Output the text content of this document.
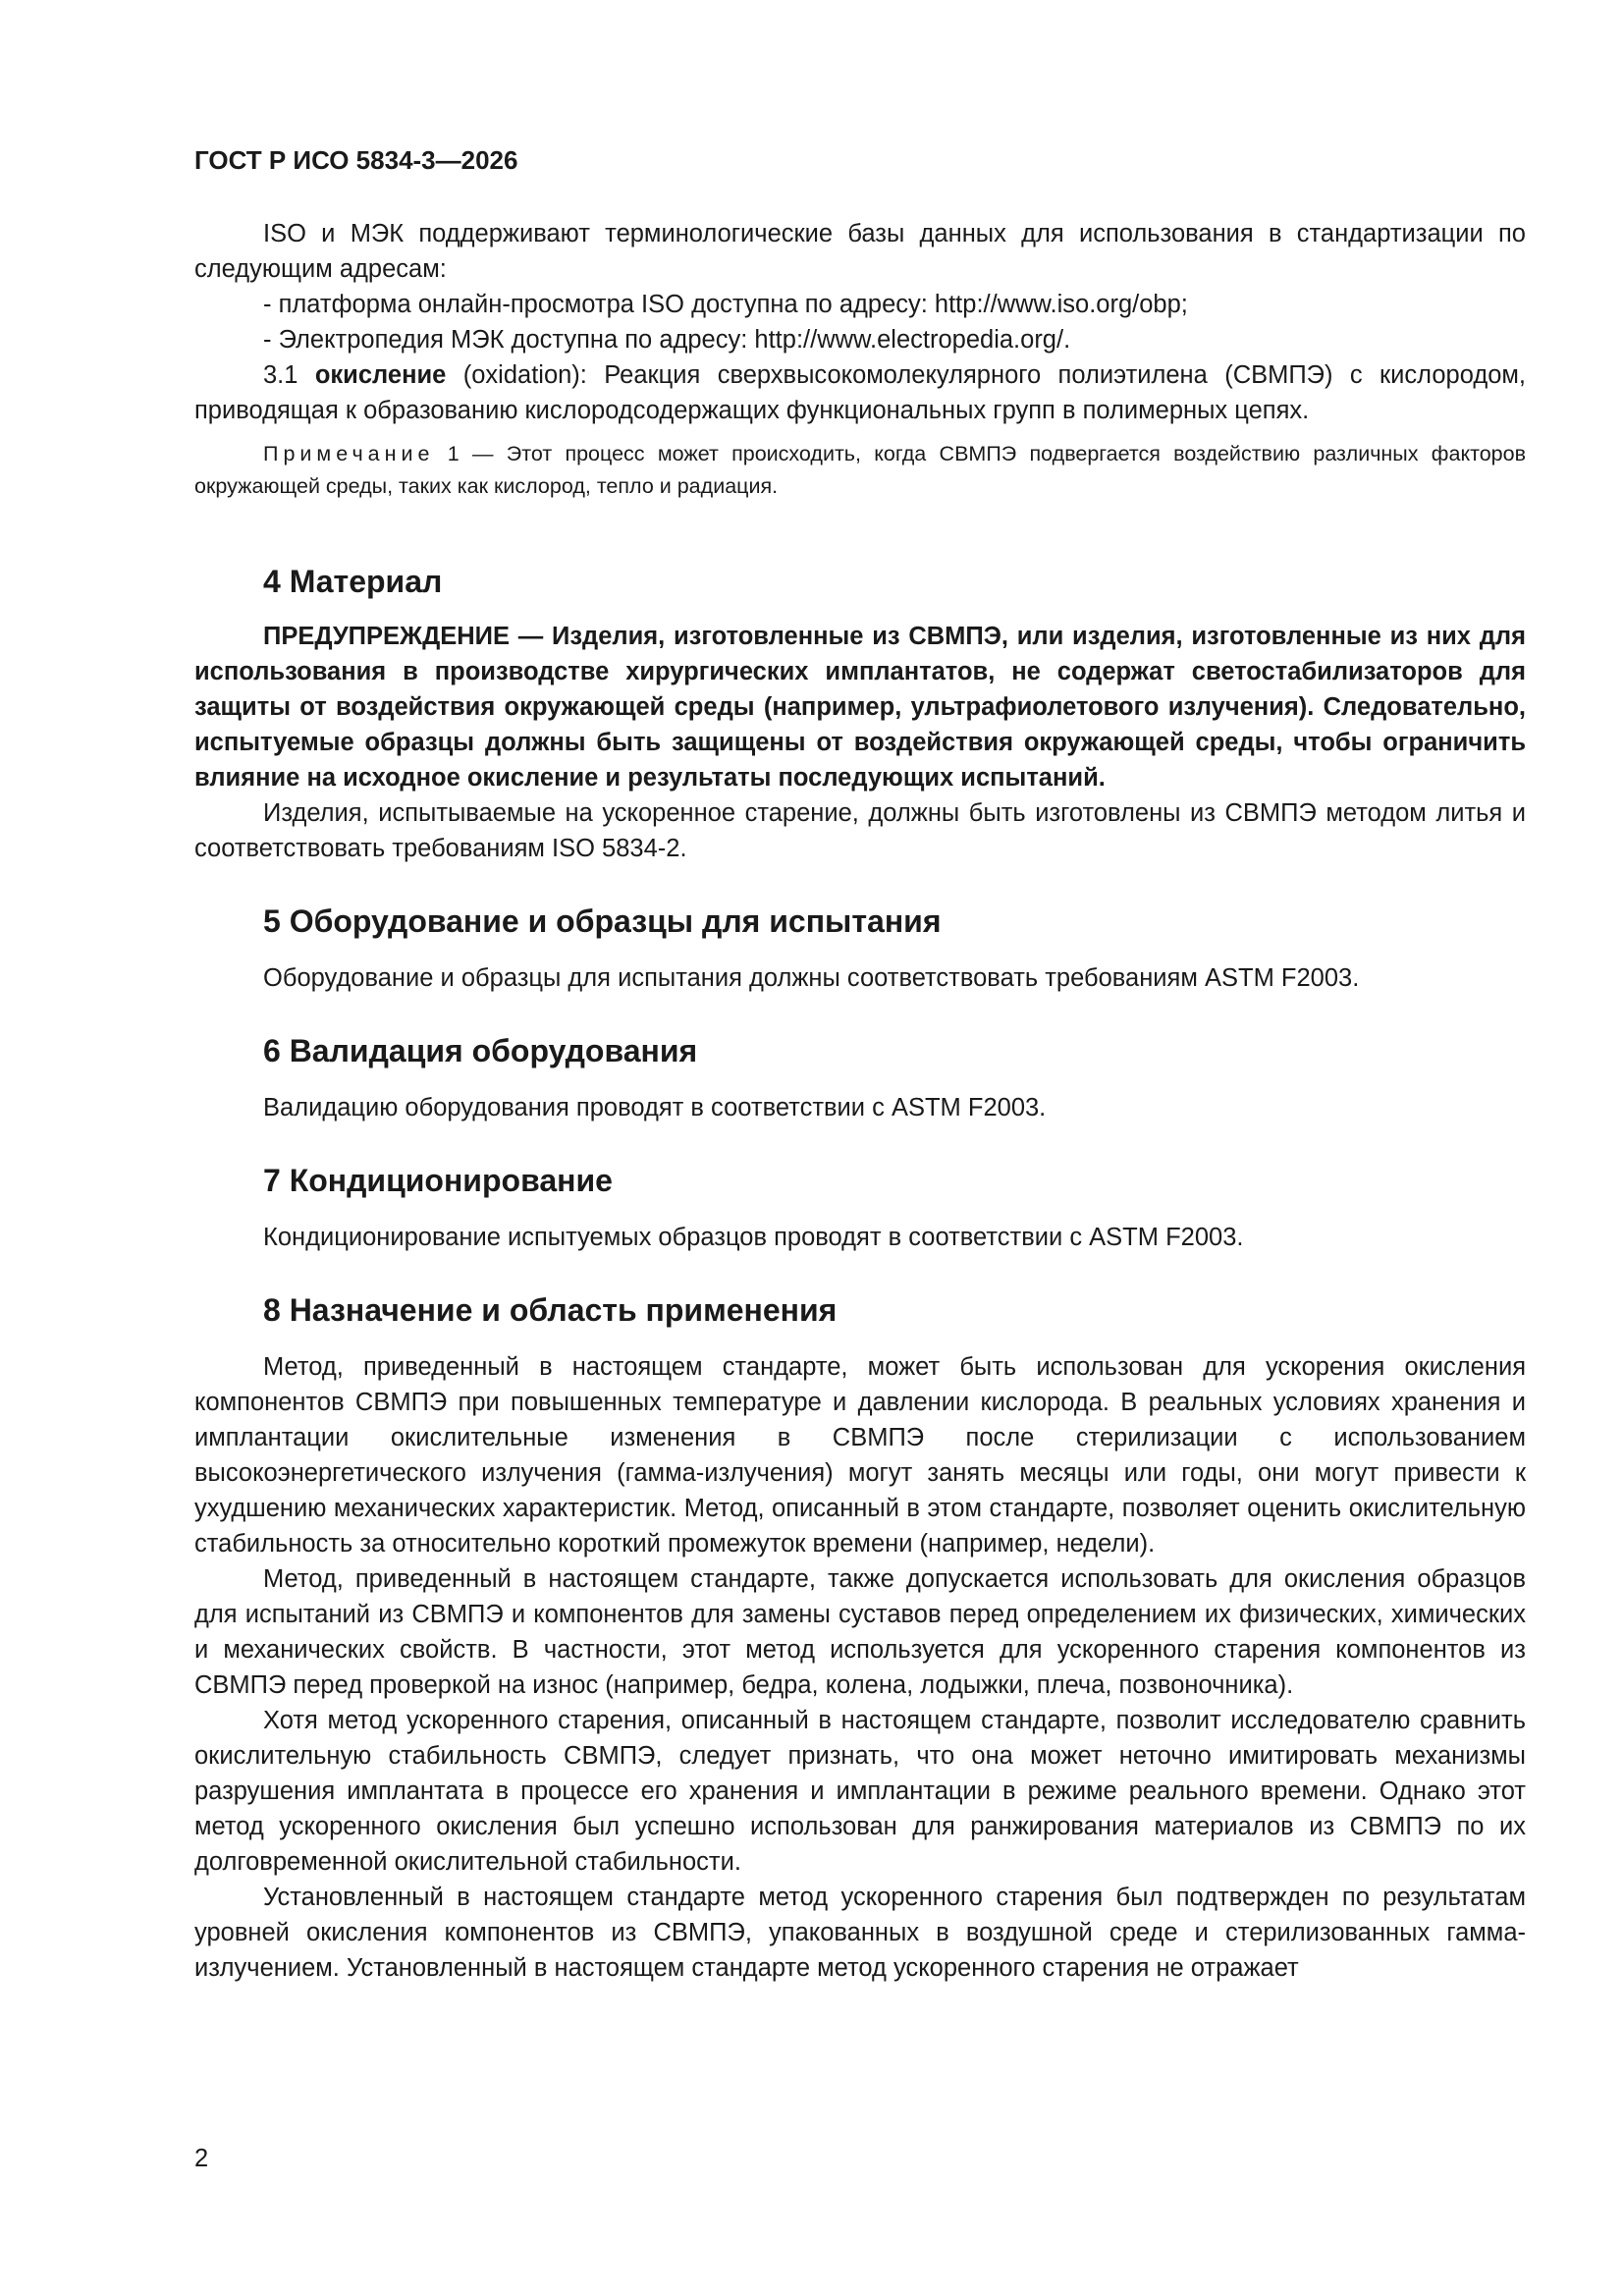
ГОСТ Р ИСО 5834-3—2026

ISO и МЭК поддерживают терминологические базы данных для использования в стандартизации по следующим адресам:

- платформа онлайн-просмотра ISO доступна по адресу: http://www.iso.org/obp;

- Электропедия МЭК доступна по адресу: http://www.electropedia.org/.

3.1 окисление (oxidation): Реакция сверхвысокомолекулярного полиэтилена (СВМПЭ) с кислородом, приводящая к образованию кислородсодержащих функциональных групп в полимерных цепях.

Примечание 1 — Этот процесс может происходить, когда СВМПЭ подвергается воздействию различных факторов окружающей среды, таких как кислород, тепло и радиация.

4 Материал

ПРЕДУПРЕЖДЕНИЕ — Изделия, изготовленные из СВМПЭ, или изделия, изготовленные из них для использования в производстве хирургических имплантатов, не содержат светостабилизаторов для защиты от воздействия окружающей среды (например, ультрафиолетового излучения). Следовательно, испытуемые образцы должны быть защищены от воздействия окружающей среды, чтобы ограничить влияние на исходное окисление и результаты последующих испытаний.

Изделия, испытываемые на ускоренное старение, должны быть изготовлены из СВМПЭ методом литья и соответствовать требованиям ISO 5834-2.

5 Оборудование и образцы для испытания

Оборудование и образцы для испытания должны соответствовать требованиям ASTM F2003.

6 Валидация оборудования

Валидацию оборудования проводят в соответствии с ASTM F2003.

7 Кондиционирование

Кондиционирование испытуемых образцов проводят в соответствии с ASTM F2003.

8 Назначение и область применения

Метод, приведенный в настоящем стандарте, может быть использован для ускорения окисления компонентов СВМПЭ при повышенных температуре и давлении кислорода. В реальных условиях хранения и имплантации окислительные изменения в СВМПЭ после стерилизации с использованием высокоэнергетического излучения (гамма-излучения) могут занять месяцы или годы, они могут привести к ухудшению механических характеристик. Метод, описанный в этом стандарте, позволяет оценить окислительную стабильность за относительно короткий промежуток времени (например, недели).

Метод, приведенный в настоящем стандарте, также допускается использовать для окисления образцов для испытаний из СВМПЭ и компонентов для замены суставов перед определением их физических, химических и механических свойств. В частности, этот метод используется для ускоренного старения компонентов из СВМПЭ перед проверкой на износ (например, бедра, колена, лодыжки, плеча, позвоночника).

Хотя метод ускоренного старения, описанный в настоящем стандарте, позволит исследователю сравнить окислительную стабильность СВМПЭ, следует признать, что она может неточно имитировать механизмы разрушения имплантата в процессе его хранения и имплантации в режиме реального времени. Однако этот метод ускоренного окисления был успешно использован для ранжирования материалов из СВМПЭ по их долговременной окислительной стабильности.

Установленный в настоящем стандарте метод ускоренного старения был подтвержден по результатам уровней окисления компонентов из СВМПЭ, упакованных в воздушной среде и стерилизованных гамма-излучением. Установленный в настоящем стандарте метод ускоренного старения не отражает

2
